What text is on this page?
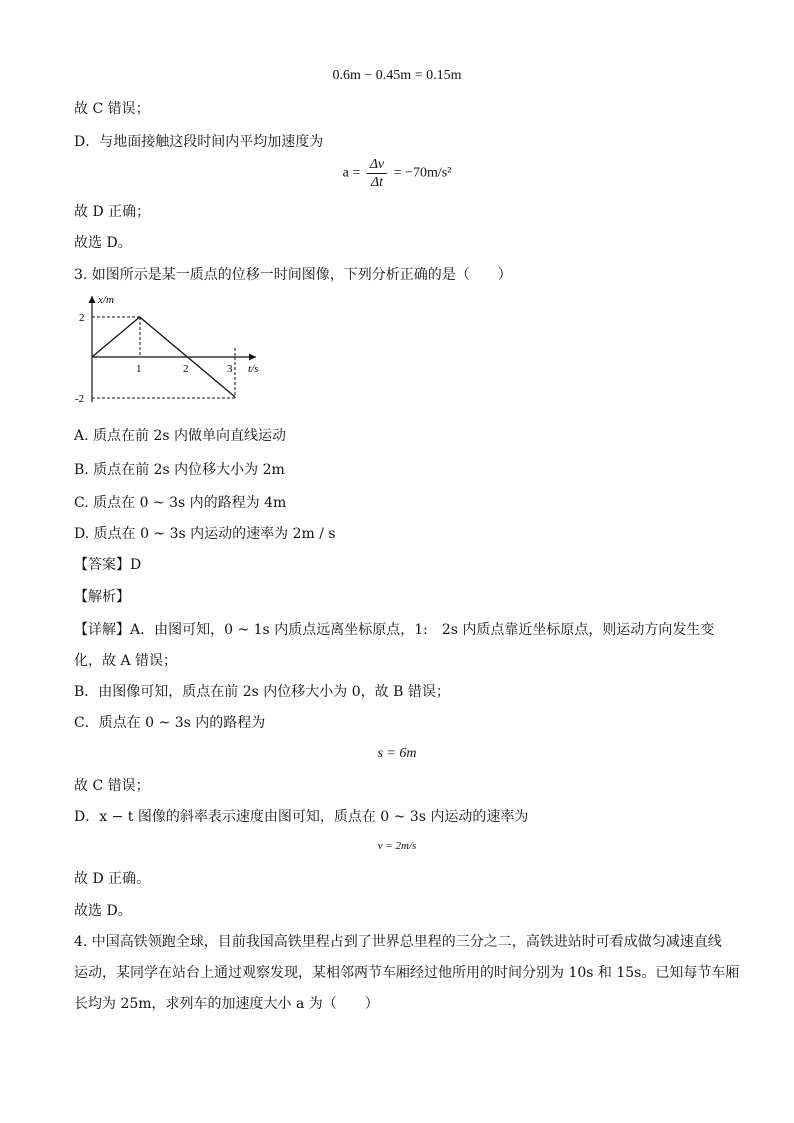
0.6m − 0.45m = 0.15m
故 C 错误；
D．与地面接触这段时间内平均加速度为
$a = \frac{\Delta v}{\Delta t} = -70m/s^2$
故 D 正确；
故选 D。
3. 如图所示是某一质点的位移一时间图像，下列分析正确的是（　　）
x/m
t/s
2
-2
1	2	3
A. 质点在前 2s 内做单向直线运动
B. 质点在前 2s 内位移大小为 2m
C. 质点在 0 ~ 3s 内的路程为 4m
D. 质点在 0 ~ 3s 内运动的速率为 2m / s
【答案】D
【解析】
【详解】A．由图可知，0 ~ 1s 内质点远离坐标原点，1:　2s 内质点靠近坐标原点，则运动方向发生变
化，故 A 错误；
B．由图像可知，质点在前 2s 内位移大小为 0，故 B 错误；
C．质点在 0 ~ 3s 内的路程为
s = 6m
故 C 错误；
D．x − t 图像的斜率表示速度由图可知，质点在 0 ~ 3s 内运动的速率为
v = 2m/s
故 D 正确。
故选 D。
4. 中国高铁领跑全球，目前我国高铁里程占到了世界总里程的三分之二，高铁进站时可看成做匀减速直线
运动，某同学在站台上通过观察发现，某相邻两节车厢经过他所用的时间分别为 10s 和 15s。已知每节车厢
长均为 25m，求列车的加速度大小 a 为（　　）
